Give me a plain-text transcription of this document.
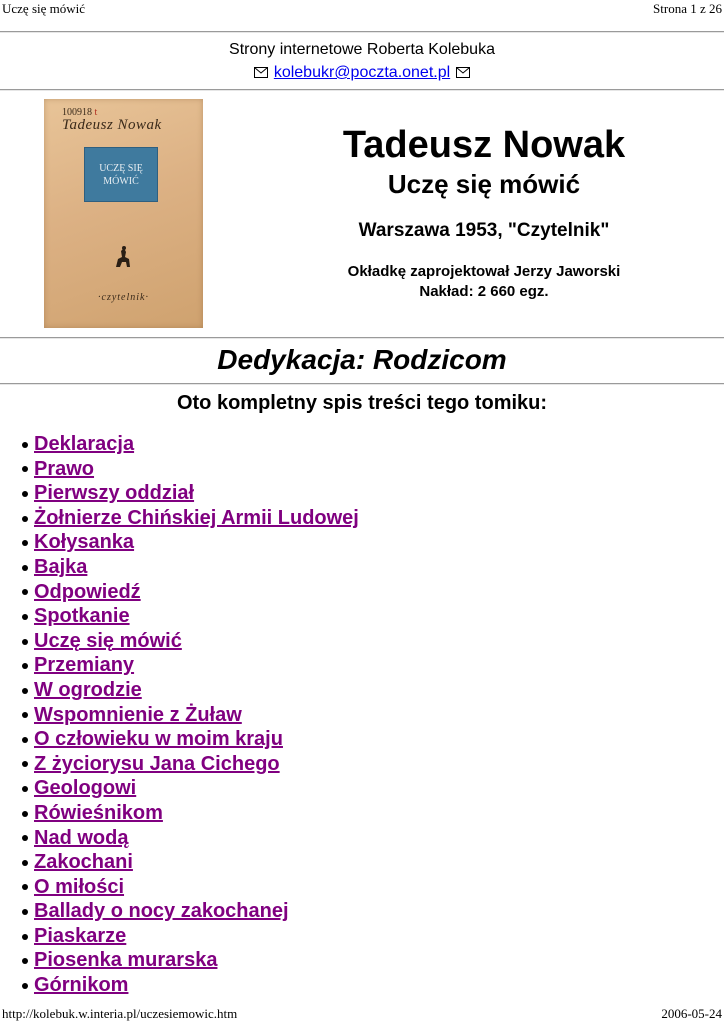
Uczę się mówić	Strona 1 z 26
Strony internetowe Roberta Kolebuka
kolebukr@poczta.onet.pl
100918 t
Tadeusz Nowak
UCZĘ SIĘ
MÓWIĆ
·czytelnik·
Tadeusz Nowak
Uczę się mówić
Warszawa 1953, "Czytelnik"
Okładkę zaprojektował Jerzy Jaworski
Nakład: 2 660 egz.
Dedykacja: Rodzicom
Oto kompletny spis treści tego tomiku:
Deklaracja
Prawo
Pierwszy oddział
Żołnierze Chińskiej Armii Ludowej
Kołysanka
Bajka
Odpowiedź
Spotkanie
Uczę się mówić
Przemiany
W ogrodzie
Wspomnienie z Żuław
O człowieku w moim kraju
Z życiorysu Jana Cichego
Geologowi
Rówieśnikom
Nad wodą
Zakochani
O miłości
Ballady o nocy zakochanej
Piaskarze
Piosenka murarska
Górnikom
http://kolebuk.w.interia.pl/uczesiemowic.htm	2006-05-24
